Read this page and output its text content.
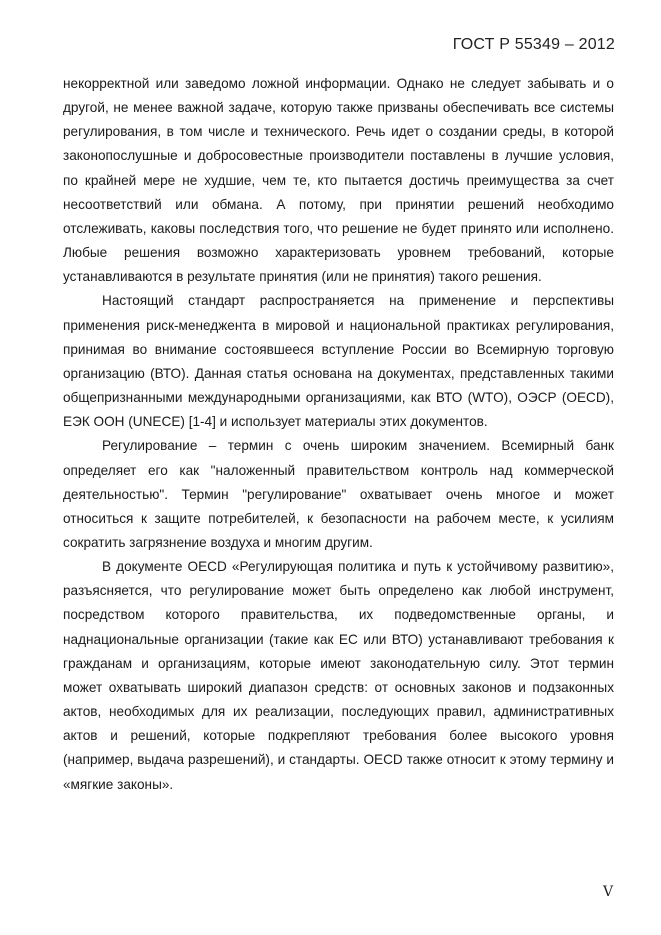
ГОСТ Р 55349 – 2012

некорректной или заведомо ложной информации. Однако не следует забывать и о другой, не менее важной задаче, которую также призваны обеспечивать все системы регулирования, в том числе и технического. Речь идет о создании среды, в которой законопослушные и добросовестные производители поставлены в лучшие условия, по крайней мере не худшие, чем те, кто пытается достичь преимущества за счет несоответствий или обмана. А потому, при принятии решений необходимо отслеживать, каковы последствия того, что решение не будет принято или исполнено. Любые решения возможно характеризовать уровнем требований, которые устанавливаются в результате принятия (или не принятия) такого решения.

Настоящий стандарт распространяется на применение и перспективы применения риск-менеджента в мировой и национальной практиках регулирования, принимая во внимание состоявшееся вступление России во Всемирную торговую организацию (ВТО). Данная статья основана на документах, представленных такими общепризнанными международными организациями, как ВТО (WTO), ОЭСР (OECD), ЕЭК ООН (UNECE) [1-4] и использует материалы этих документов.

Регулирование – термин с очень широким значением. Всемирный банк определяет его как "наложенный правительством контроль над коммерческой деятельностью". Термин "регулирование" охватывает очень многое и может относиться к защите потребителей, к безопасности на рабочем месте, к усилиям сократить загрязнение воздуха и многим другим.

В документе OECD «Регулирующая политика и путь к устойчивому развитию», разъясняется, что регулирование может быть определено как любой инструмент, посредством которого правительства, их подведомственные органы, и наднациональные организации (такие как ЕС или ВТО) устанавливают требования к гражданам и организациям, которые имеют законодательную силу. Этот термин может охватывать широкий диапазон средств: от основных законов и подзаконных актов, необходимых для их реализации, последующих правил, административных актов и решений, которые подкрепляют требования более высокого уровня (например, выдача разрешений), и стандарты. OECD также относит к этому термину и «мягкие законы».

V
